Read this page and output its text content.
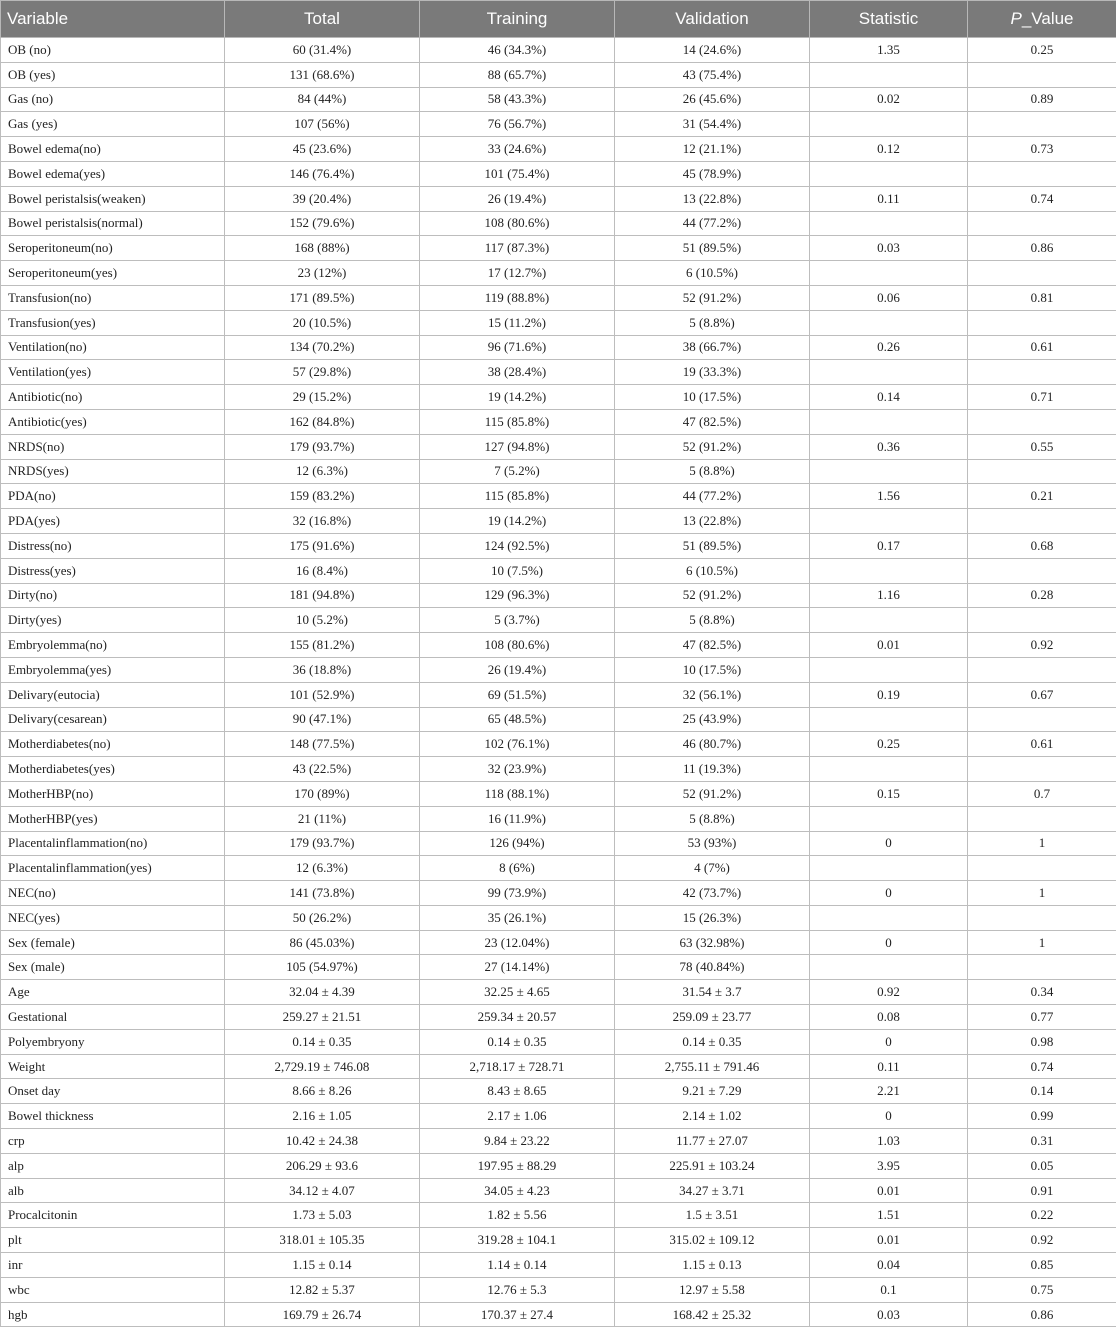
Variable	Total	Training	Validation	Statistic	P_Value
OB (no)	60 (31.4%)	46 (34.3%)	14 (24.6%)	1.35	0.25
OB (yes)	131 (68.6%)	88 (65.7%)	43 (75.4%)		
Gas (no)	84 (44%)	58 (43.3%)	26 (45.6%)	0.02	0.89
Gas (yes)	107 (56%)	76 (56.7%)	31 (54.4%)		
Bowel edema(no)	45 (23.6%)	33 (24.6%)	12 (21.1%)	0.12	0.73
Bowel edema(yes)	146 (76.4%)	101 (75.4%)	45 (78.9%)		
Bowel peristalsis(weaken)	39 (20.4%)	26 (19.4%)	13 (22.8%)	0.11	0.74
Bowel peristalsis(normal)	152 (79.6%)	108 (80.6%)	44 (77.2%)		
Seroperitoneum(no)	168 (88%)	117 (87.3%)	51 (89.5%)	0.03	0.86
Seroperitoneum(yes)	23 (12%)	17 (12.7%)	6 (10.5%)		
Transfusion(no)	171 (89.5%)	119 (88.8%)	52 (91.2%)	0.06	0.81
Transfusion(yes)	20 (10.5%)	15 (11.2%)	5 (8.8%)		
Ventilation(no)	134 (70.2%)	96 (71.6%)	38 (66.7%)	0.26	0.61
Ventilation(yes)	57 (29.8%)	38 (28.4%)	19 (33.3%)		
Antibiotic(no)	29 (15.2%)	19 (14.2%)	10 (17.5%)	0.14	0.71
Antibiotic(yes)	162 (84.8%)	115 (85.8%)	47 (82.5%)		
NRDS(no)	179 (93.7%)	127 (94.8%)	52 (91.2%)	0.36	0.55
NRDS(yes)	12 (6.3%)	7 (5.2%)	5 (8.8%)		
PDA(no)	159 (83.2%)	115 (85.8%)	44 (77.2%)	1.56	0.21
PDA(yes)	32 (16.8%)	19 (14.2%)	13 (22.8%)		
Distress(no)	175 (91.6%)	124 (92.5%)	51 (89.5%)	0.17	0.68
Distress(yes)	16 (8.4%)	10 (7.5%)	6 (10.5%)		
Dirty(no)	181 (94.8%)	129 (96.3%)	52 (91.2%)	1.16	0.28
Dirty(yes)	10 (5.2%)	5 (3.7%)	5 (8.8%)		
Embryolemma(no)	155 (81.2%)	108 (80.6%)	47 (82.5%)	0.01	0.92
Embryolemma(yes)	36 (18.8%)	26 (19.4%)	10 (17.5%)		
Delivary(eutocia)	101 (52.9%)	69 (51.5%)	32 (56.1%)	0.19	0.67
Delivary(cesarean)	90 (47.1%)	65 (48.5%)	25 (43.9%)		
Motherdiabetes(no)	148 (77.5%)	102 (76.1%)	46 (80.7%)	0.25	0.61
Motherdiabetes(yes)	43 (22.5%)	32 (23.9%)	11 (19.3%)		
MotherHBP(no)	170 (89%)	118 (88.1%)	52 (91.2%)	0.15	0.7
MotherHBP(yes)	21 (11%)	16 (11.9%)	5 (8.8%)		
Placentalinflammation(no)	179 (93.7%)	126 (94%)	53 (93%)	0	1
Placentalinflammation(yes)	12 (6.3%)	8 (6%)	4 (7%)		
NEC(no)	141 (73.8%)	99 (73.9%)	42 (73.7%)	0	1
NEC(yes)	50 (26.2%)	35 (26.1%)	15 (26.3%)		
Sex (female)	86 (45.03%)	23 (12.04%)	63 (32.98%)	0	1
Sex (male)	105 (54.97%)	27 (14.14%)	78 (40.84%)		
Age	32.04 ± 4.39	32.25 ± 4.65	31.54 ± 3.7	0.92	0.34
Gestational	259.27 ± 21.51	259.34 ± 20.57	259.09 ± 23.77	0.08	0.77
Polyembryony	0.14 ± 0.35	0.14 ± 0.35	0.14 ± 0.35	0	0.98
Weight	2,729.19 ± 746.08	2,718.17 ± 728.71	2,755.11 ± 791.46	0.11	0.74
Onset day	8.66 ± 8.26	8.43 ± 8.65	9.21 ± 7.29	2.21	0.14
Bowel thickness	2.16 ± 1.05	2.17 ± 1.06	2.14 ± 1.02	0	0.99
crp	10.42 ± 24.38	9.84 ± 23.22	11.77 ± 27.07	1.03	0.31
alp	206.29 ± 93.6	197.95 ± 88.29	225.91 ± 103.24	3.95	0.05
alb	34.12 ± 4.07	34.05 ± 4.23	34.27 ± 3.71	0.01	0.91
Procalcitonin	1.73 ± 5.03	1.82 ± 5.56	1.5 ± 3.51	1.51	0.22
plt	318.01 ± 105.35	319.28 ± 104.1	315.02 ± 109.12	0.01	0.92
inr	1.15 ± 0.14	1.14 ± 0.14	1.15 ± 0.13	0.04	0.85
wbc	12.82 ± 5.37	12.76 ± 5.3	12.97 ± 5.58	0.1	0.75
hgb	169.79 ± 26.74	170.37 ± 27.4	168.42 ± 25.32	0.03	0.86
